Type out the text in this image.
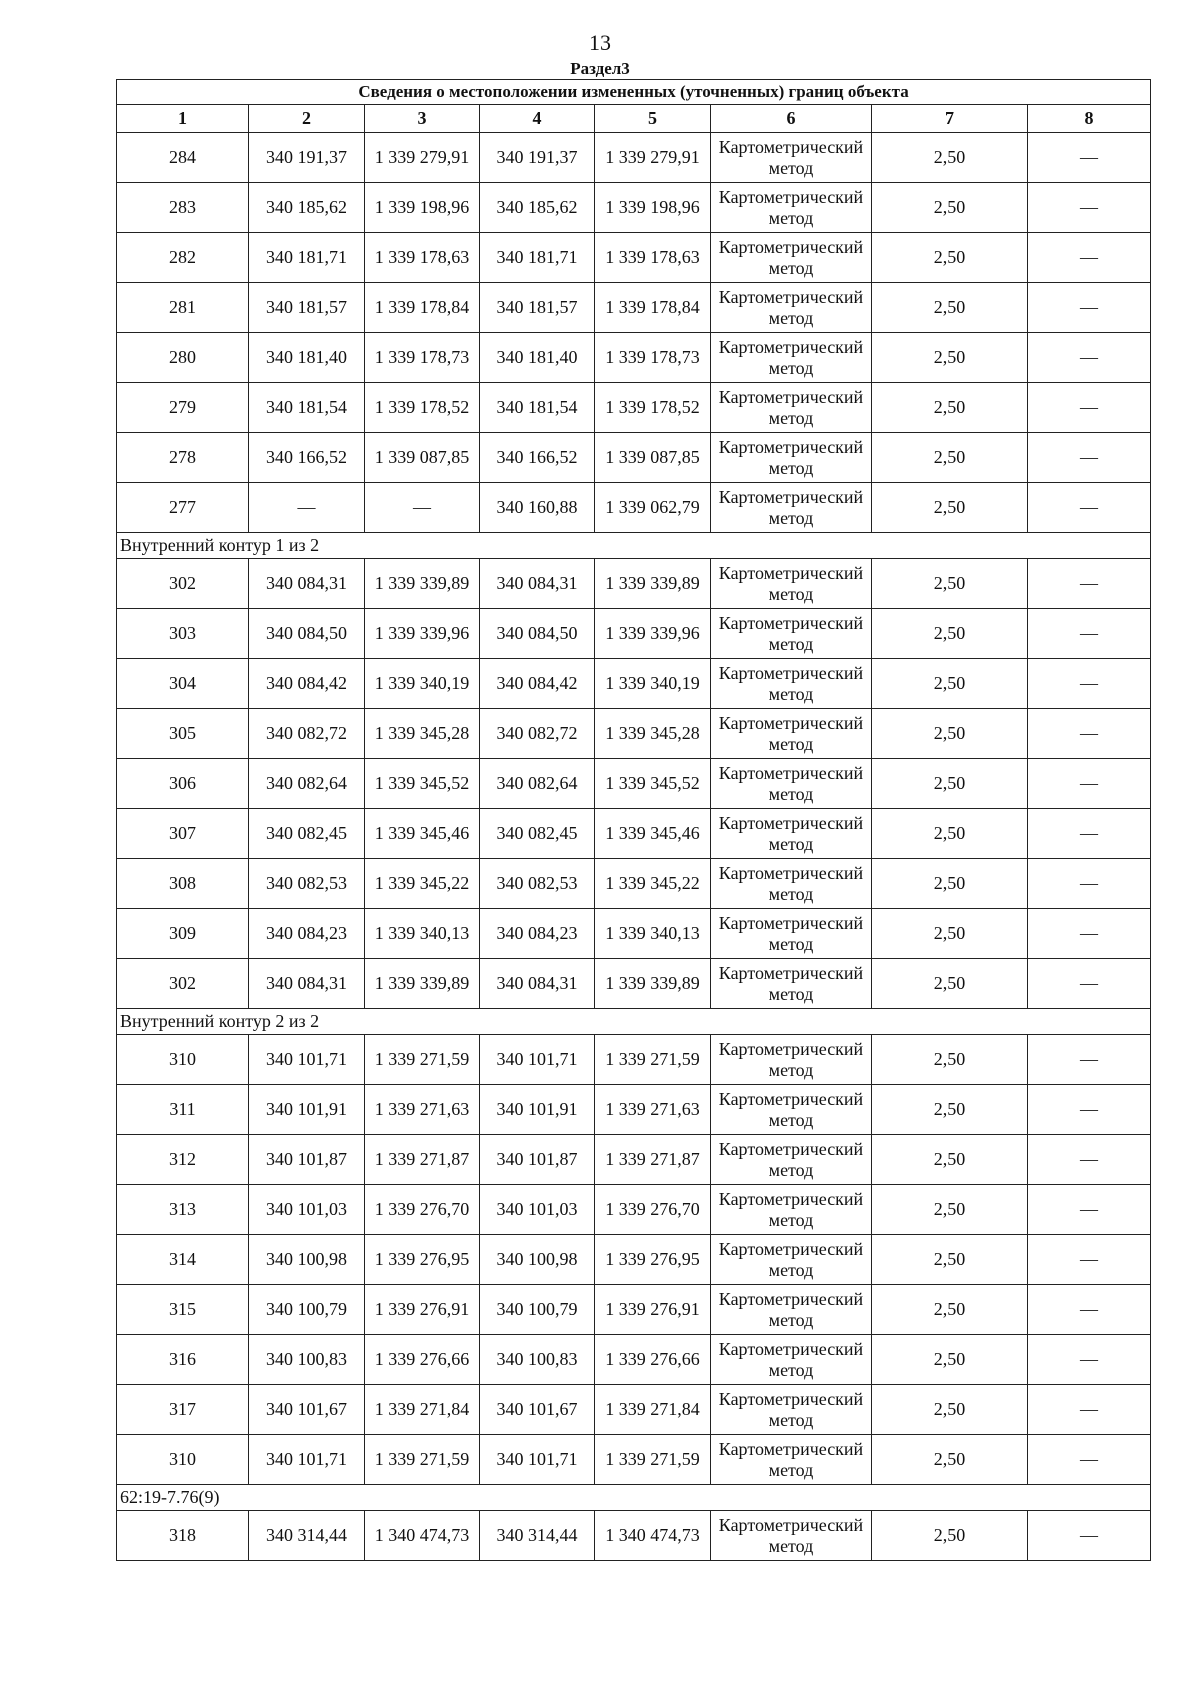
13
Раздел3
Сведения о местоположении измененных (уточненных) границ объекта							
1	2	3	4	5	6	7	8
284	340 191,37	1 339 279,91	340 191,37	1 339 279,91	Картометрический метод	2,50	—
283	340 185,62	1 339 198,96	340 185,62	1 339 198,96	Картометрический метод	2,50	—
282	340 181,71	1 339 178,63	340 181,71	1 339 178,63	Картометрический метод	2,50	—
281	340 181,57	1 339 178,84	340 181,57	1 339 178,84	Картометрический метод	2,50	—
280	340 181,40	1 339 178,73	340 181,40	1 339 178,73	Картометрический метод	2,50	—
279	340 181,54	1 339 178,52	340 181,54	1 339 178,52	Картометрический метод	2,50	—
278	340 166,52	1 339 087,85	340 166,52	1 339 087,85	Картометрический метод	2,50	—
277	—	—	340 160,88	1 339 062,79	Картометрический метод	2,50	—
Внутренний контур 1 из 2							
302	340 084,31	1 339 339,89	340 084,31	1 339 339,89	Картометрический метод	2,50	—
303	340 084,50	1 339 339,96	340 084,50	1 339 339,96	Картометрический метод	2,50	—
304	340 084,42	1 339 340,19	340 084,42	1 339 340,19	Картометрический метод	2,50	—
305	340 082,72	1 339 345,28	340 082,72	1 339 345,28	Картометрический метод	2,50	—
306	340 082,64	1 339 345,52	340 082,64	1 339 345,52	Картометрический метод	2,50	—
307	340 082,45	1 339 345,46	340 082,45	1 339 345,46	Картометрический метод	2,50	—
308	340 082,53	1 339 345,22	340 082,53	1 339 345,22	Картометрический метод	2,50	—
309	340 084,23	1 339 340,13	340 084,23	1 339 340,13	Картометрический метод	2,50	—
302	340 084,31	1 339 339,89	340 084,31	1 339 339,89	Картометрический метод	2,50	—
Внутренний контур 2 из 2							
310	340 101,71	1 339 271,59	340 101,71	1 339 271,59	Картометрический метод	2,50	—
311	340 101,91	1 339 271,63	340 101,91	1 339 271,63	Картометрический метод	2,50	—
312	340 101,87	1 339 271,87	340 101,87	1 339 271,87	Картометрический метод	2,50	—
313	340 101,03	1 339 276,70	340 101,03	1 339 276,70	Картометрический метод	2,50	—
314	340 100,98	1 339 276,95	340 100,98	1 339 276,95	Картометрический метод	2,50	—
315	340 100,79	1 339 276,91	340 100,79	1 339 276,91	Картометрический метод	2,50	—
316	340 100,83	1 339 276,66	340 100,83	1 339 276,66	Картометрический метод	2,50	—
317	340 101,67	1 339 271,84	340 101,67	1 339 271,84	Картометрический метод	2,50	—
310	340 101,71	1 339 271,59	340 101,71	1 339 271,59	Картометрический метод	2,50	—
62:19-7.76(9)							
318	340 314,44	1 340 474,73	340 314,44	1 340 474,73	Картометрический метод	2,50	—
